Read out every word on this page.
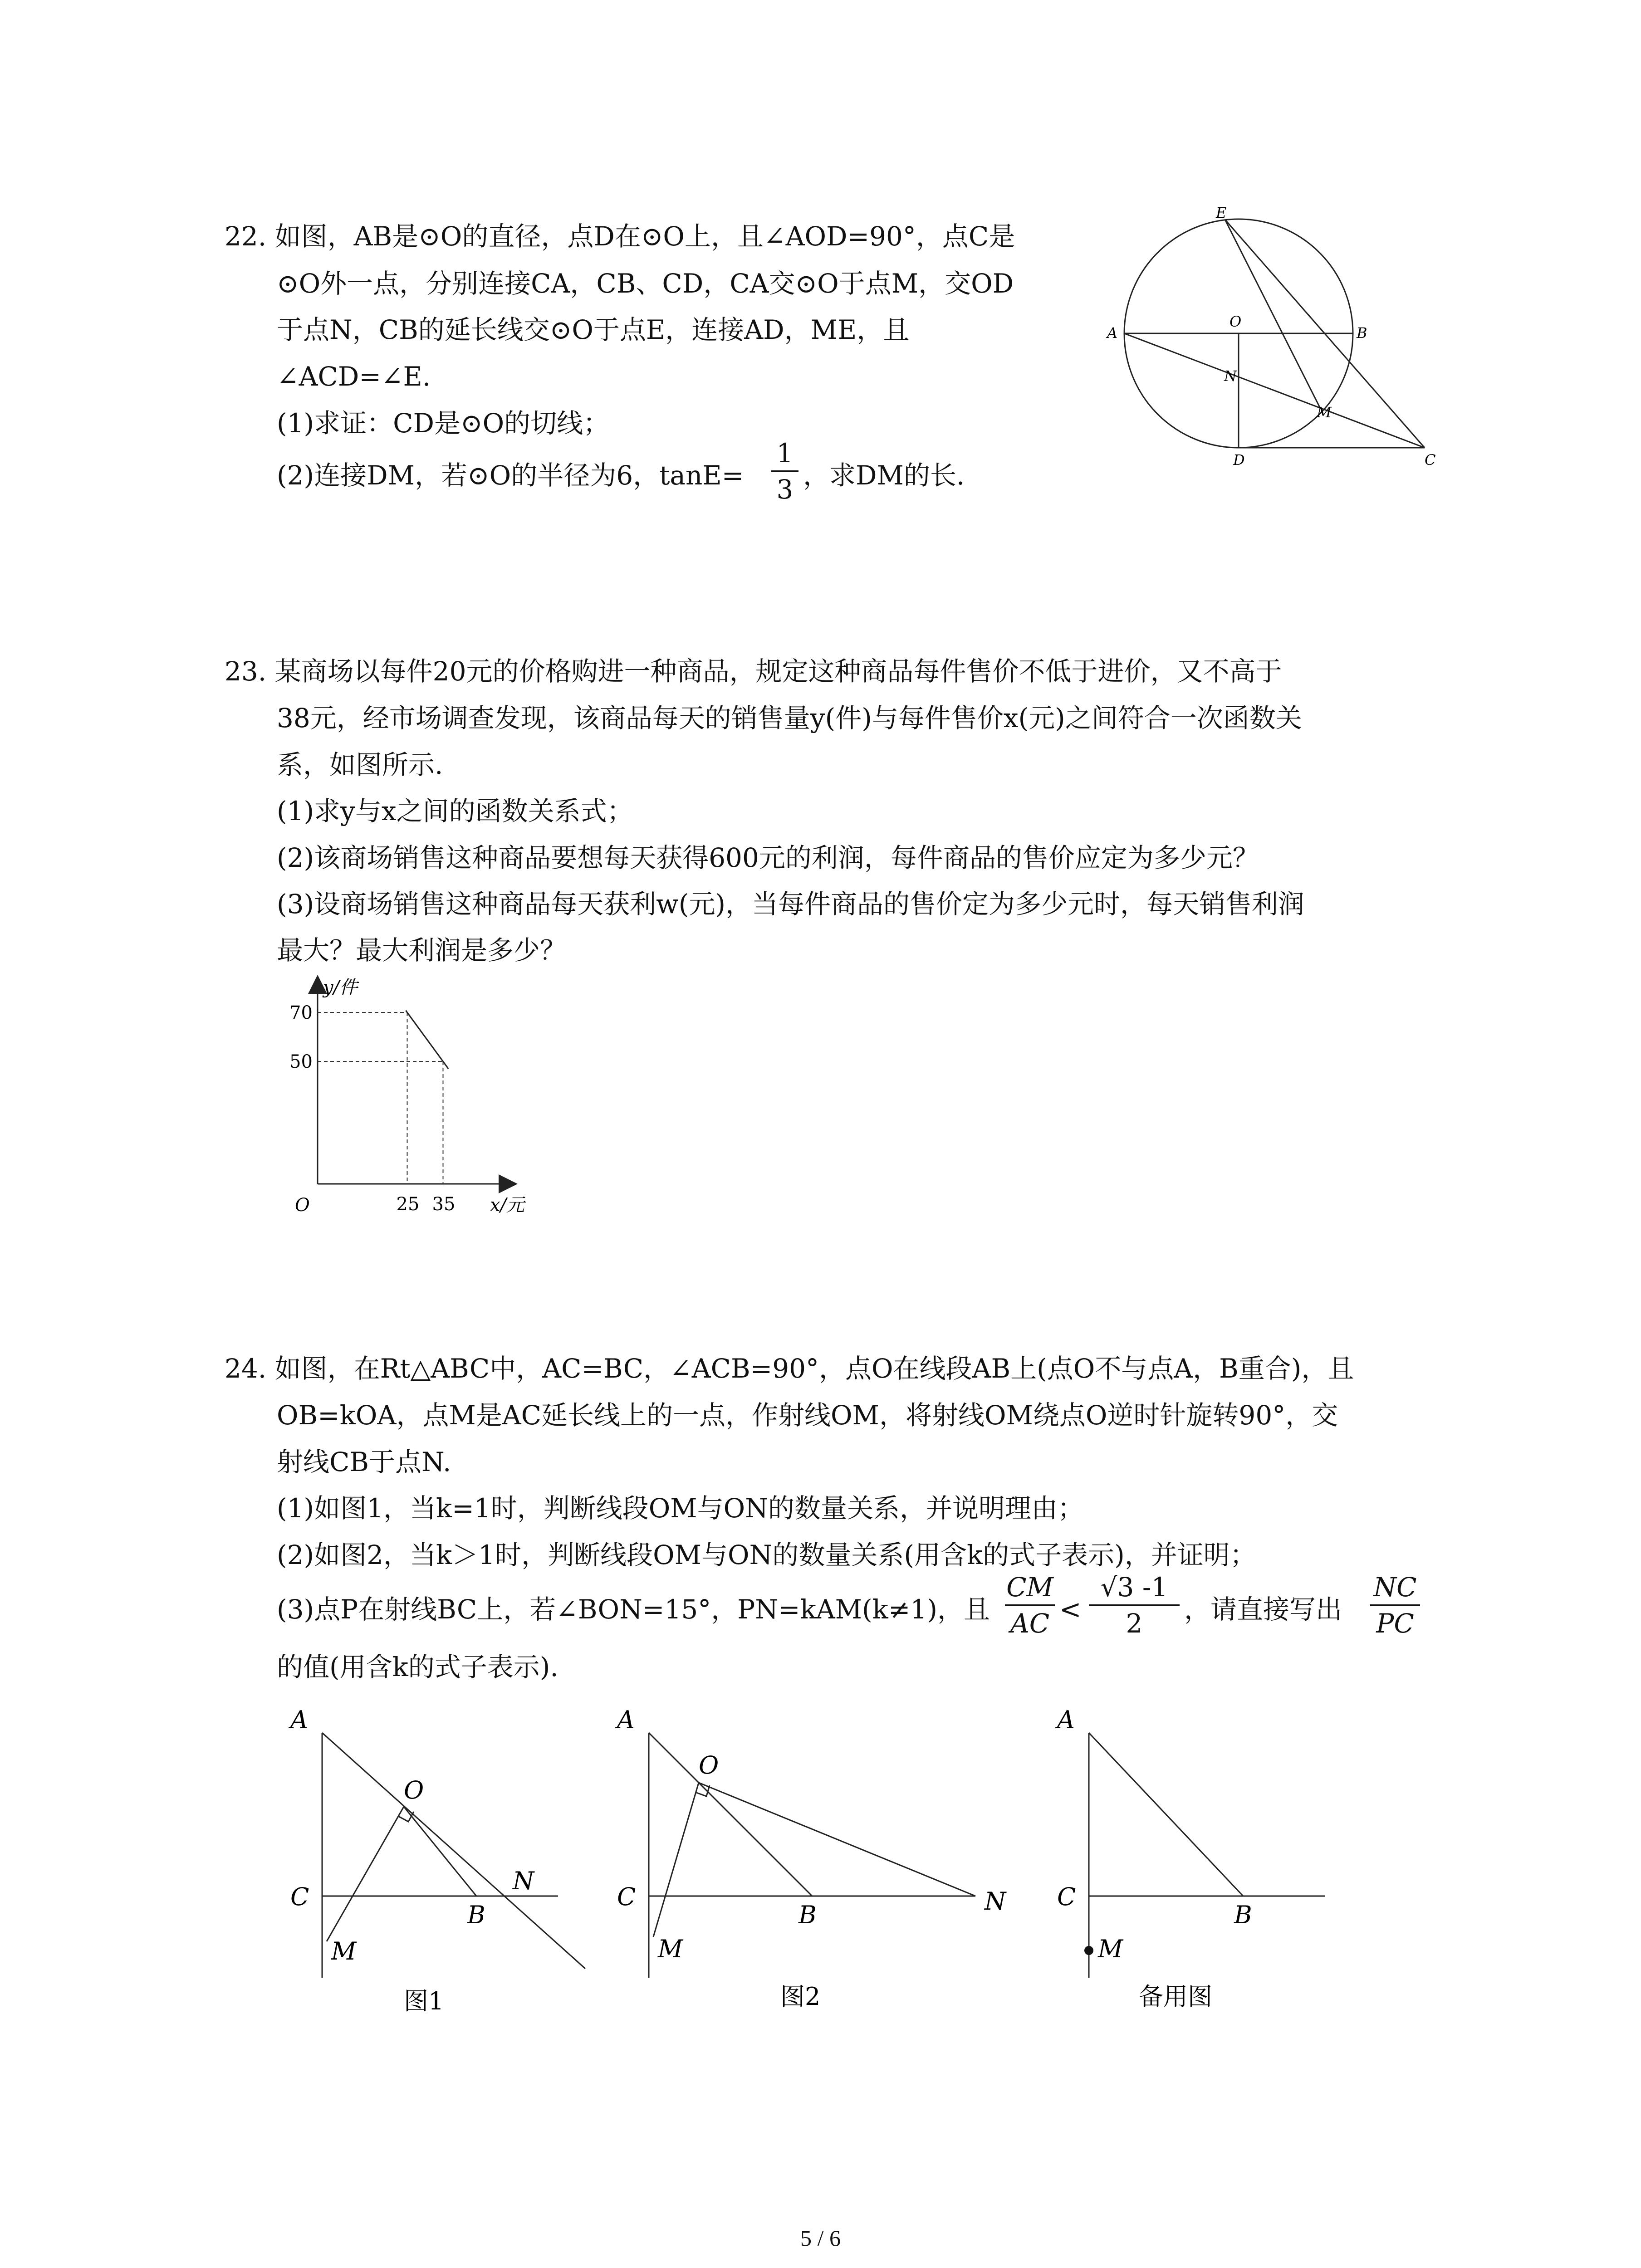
22. 如图，AB是⊙O的直径，点D在⊙O上，且∠AOD=90°，点C是
⊙O外一点，分别连接CA，CB、CD，CA交⊙O于点M，交OD
于点N，CB的延长线交⊙O于点E，连接AD，ME，且
∠ACD=∠E.
(1)求证：CD是⊙O的切线；
(2)连接DM，若⊙O的半径为6，tanE=
1
3 ，求DM的长.
E
A
O
B
N
M
D	C
23. 某商场以每件20元的价格购进一种商品，规定这种商品每件售价不低于进价，又不高于
38元，经市场调查发现，该商品每天的销售量y(件)与每件售价x(元)之间符合一次函数关
系，如图所示.
(1)求y与x之间的函数关系式；
(2)该商场销售这种商品要想每天获得600元的利润，每件商品的售价应定为多少元？
(3)设商场销售这种商品每天获利w(元)，当每件商品的售价定为多少元时，每天销售利润
最大？最大利润是多少？
y/件
x/元
O	25 35
70
50
24. 如图，在Rt△ABC中，AC=BC，∠ACB=90°，点O在线段AB上(点O不与点A，B重合)，且
OB=kOA，点M是AC延长线上的一点，作射线OM，将射线OM绕点O逆时针旋转90°，交
射线CB于点N.
(1)如图1，当k=1时，判断线段OM与ON的数量关系，并说明理由；
(2)如图2，当k＞1时，判断线段OM与ON的数量关系(用含k的式子表示)，并证明；
(3)点P在射线BC上，若∠BON=15°，PN=kAM(k≠1)，且
CM
AC <
√3 -1
2	，请直接写出
NC
PC
的值(用含k的式子表示).
A
O
C
N
B
M
图1
A
O
C	N
B
M
图2
A
C
B
M
备用图
5 / 6
